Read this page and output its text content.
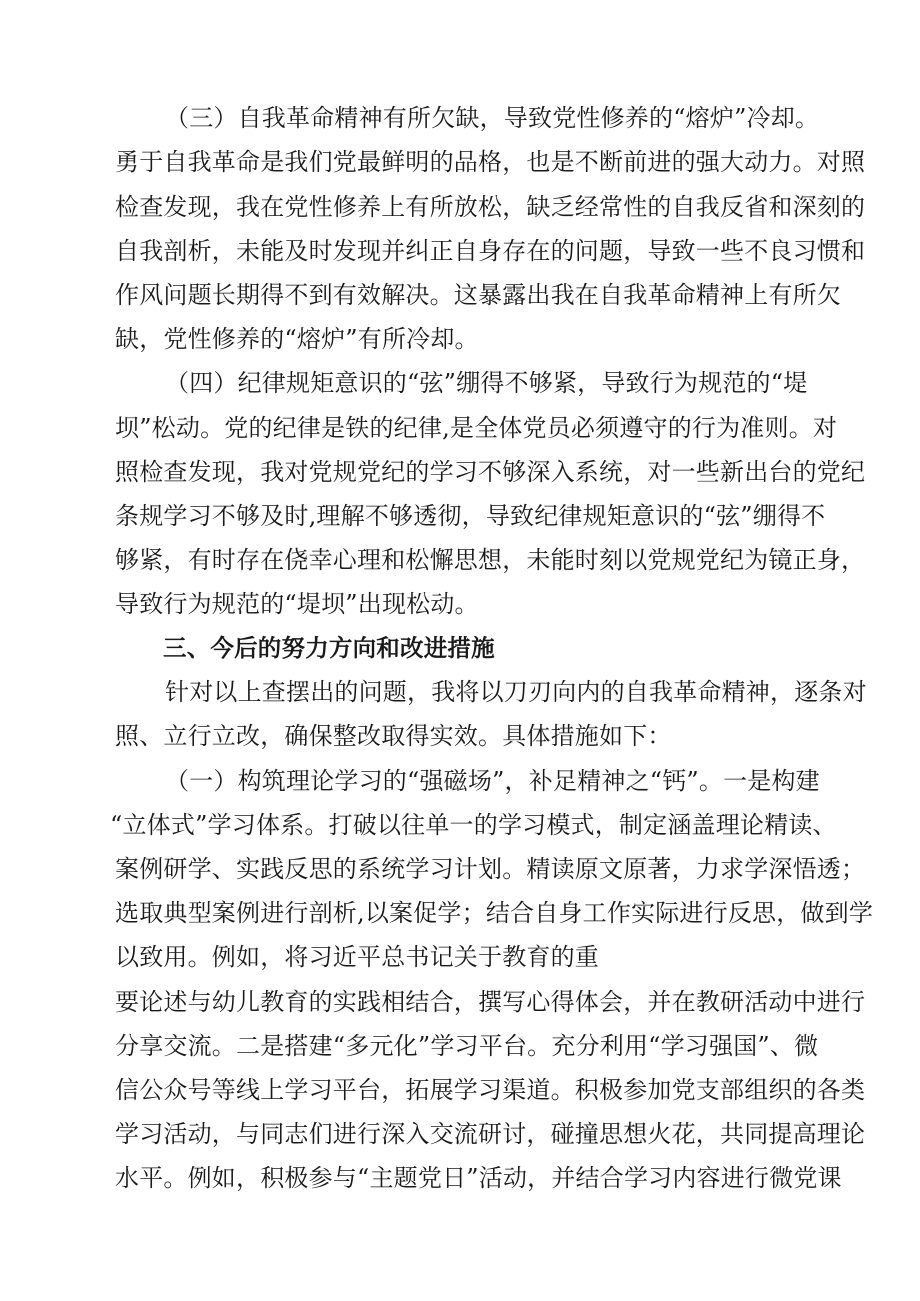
（三）自我革命精神有所欠缺，导致党性修养的“熔炉”冷却。
勇于自我革命是我们党最鲜明的品格，也是不断前进的强大动力。对照
检查发现，我在党性修养上有所放松，缺乏经常性的自我反省和深刻的
自我剖析，未能及时发现并纠正自身存在的问题，导致一些不良习惯和
作风问题长期得不到有效解决。这暴露出我在自我革命精神上有所欠
缺，党性修养的“熔炉”有所冷却。
（四）纪律规矩意识的“弦”绷得不够紧，导致行为规范的“堤
坝”松动。党的纪律是铁的纪律,是全体党员必须遵守的行为准则。对
照检查发现，我对党规党纪的学习不够深入系统，对一些新出台的党纪
条规学习不够及时,理解不够透彻，导致纪律规矩意识的“弦”绷得不
够紧，有时存在侥幸心理和松懈思想，未能时刻以党规党纪为镜正身，
导致行为规范的“堤坝”出现松动。
三、今后的努力方向和改进措施
针对以上查摆出的问题，我将以刀刃向内的自我革命精神，逐条对
照、立行立改，确保整改取得实效。具体措施如下：
（一）构筑理论学习的“强磁场”，补足精神之“钙”。一是构建
“立体式”学习体系。打破以往单一的学习模式，制定涵盖理论精读、
案例研学、实践反思的系统学习计划。精读原文原著，力求学深悟透；
选取典型案例进行剖析,以案促学；结合自身工作实际进行反思，做到学
以致用。例如，将习近平总书记关于教育的重
要论述与幼儿教育的实践相结合，撰写心得体会，并在教研活动中进行
分享交流。二是搭建“多元化”学习平台。充分利用“学习强国”、微
信公众号等线上学习平台，拓展学习渠道。积极参加党支部组织的各类
学习活动，与同志们进行深入交流研讨，碰撞思想火花，共同提高理论
水平。例如，积极参与“主题党日”活动，并结合学习内容进行微党课
